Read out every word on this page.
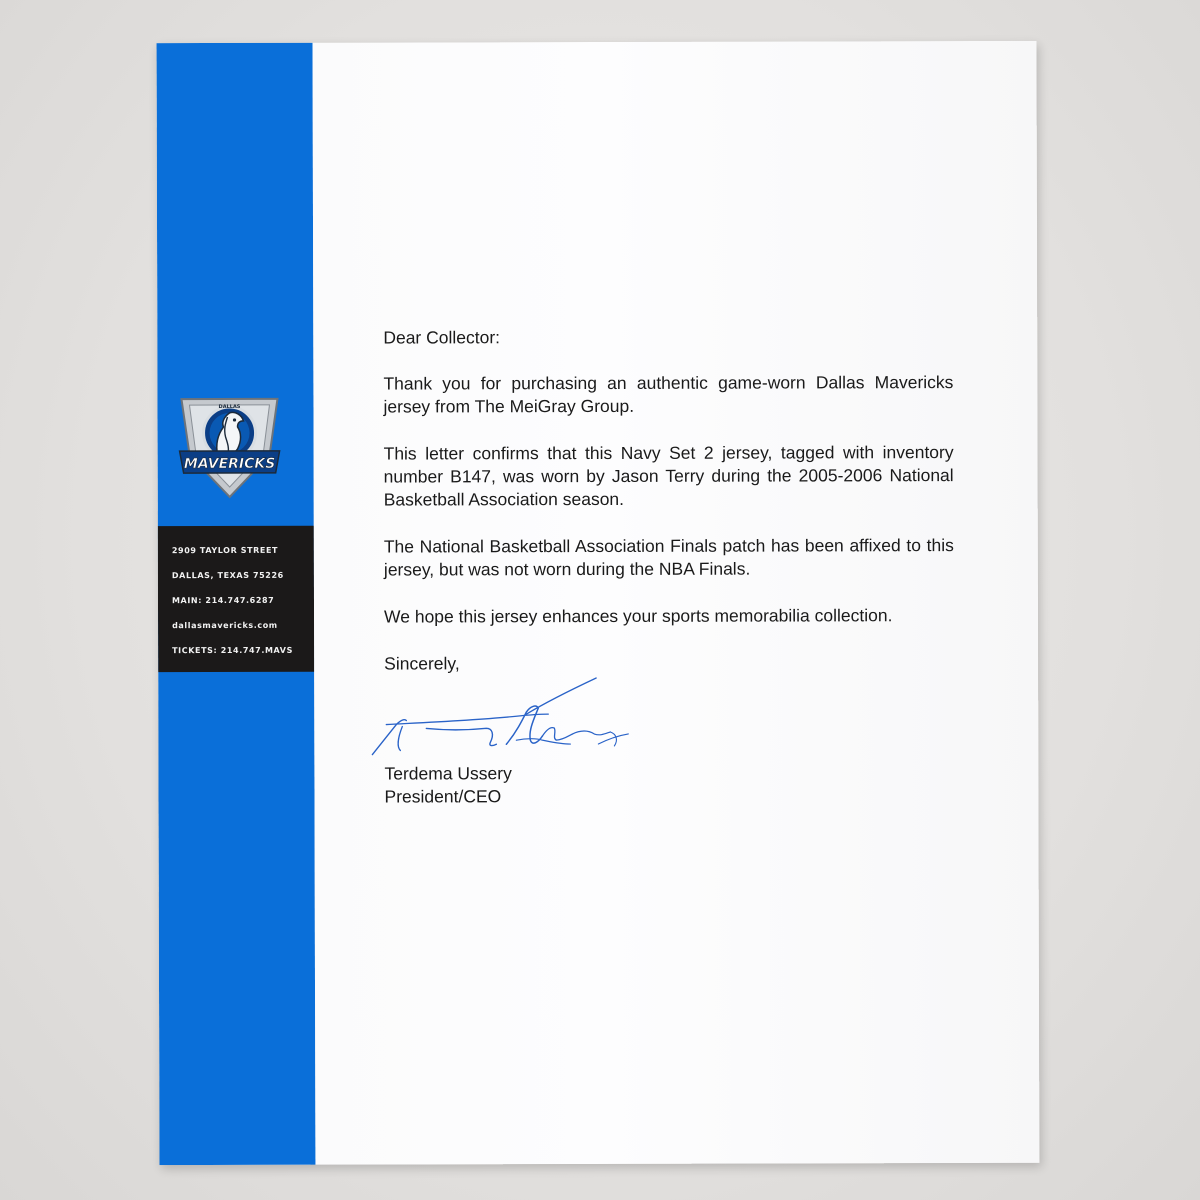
MAVERICKS
DALLAS
2909 TAYLOR STREET
DALLAS, TEXAS 75226
MAIN: 214.747.6287
dallasmavericks.com
TICKETS: 214.747.MAVS

Dear Collector:

Thank you for purchasing an authentic game-worn Dallas Mavericks jersey from The MeiGray Group.

This letter confirms that this Navy Set 2 jersey, tagged with inventory number B147, was worn by Jason Terry during the 2005-2006 National Basketball Association season.

The National Basketball Association Finals patch has been affixed to this jersey, but was not worn during the NBA Finals.

We hope this jersey enhances your sports memorabilia collection.

Sincerely,

Terdema Ussery
President/CEO
